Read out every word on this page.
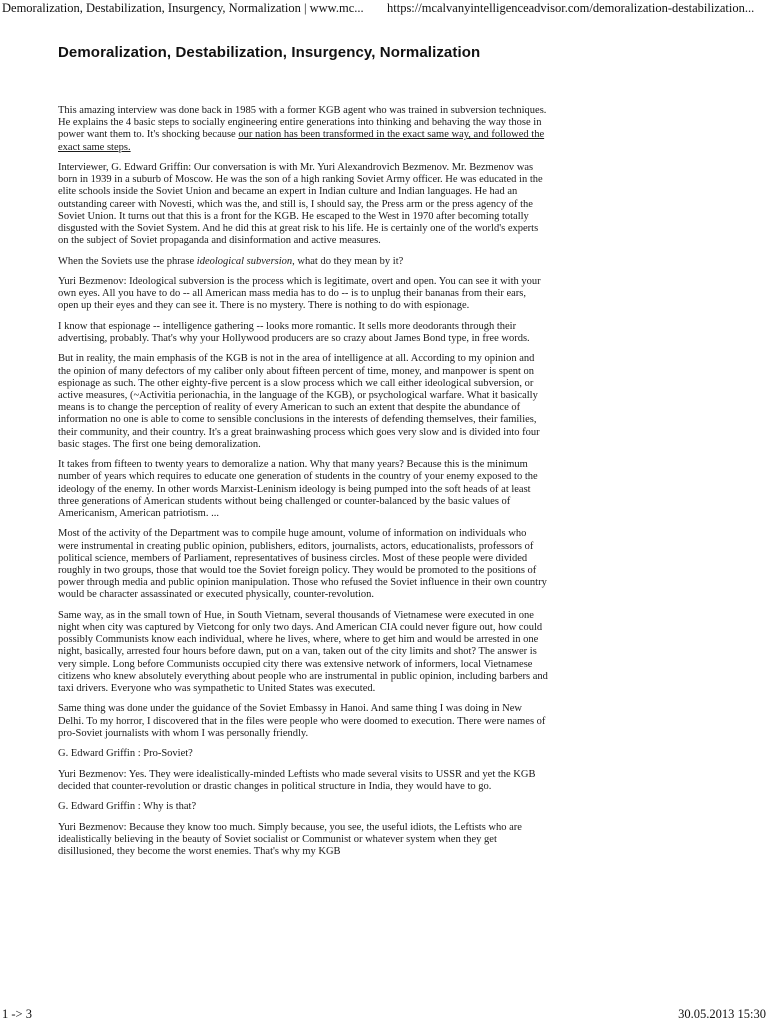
Demoralization, Destabilization, Insurgency, Normalization | www.mc... https://mcalvanyintelligenceadvisor.com/demoralization-destabilization...
Demoralization, Destabilization, Insurgency, Normalization

This amazing interview was done back in 1985 with a former KGB agent who was trained in subversion techniques. He explains the 4 basic steps to socially engineering entire generations into thinking and behaving the way those in power want them to. It's shocking because our nation has been transformed in the exact same way, and followed the exact same steps.

Interviewer, G. Edward Griffin: Our conversation is with Mr. Yuri Alexandrovich Bezmenov. Mr. Bezmenov was born in 1939 in a suburb of Moscow. He was the son of a high ranking Soviet Army officer. He was educated in the elite schools inside the Soviet Union and became an expert in Indian culture and Indian languages. He had an outstanding career with Novesti, which was the, and still is, I should say, the Press arm or the press agency of the Soviet Union. It turns out that this is a front for the KGB. He escaped to the West in 1970 after becoming totally disgusted with the Soviet System. And he did this at great risk to his life. He is certainly one of the world's experts on the subject of Soviet propaganda and disinformation and active measures.

When the Soviets use the phrase ideological subversion, what do they mean by it?

Yuri Bezmenov: Ideological subversion is the process which is legitimate, overt and open. You can see it with your own eyes. All you have to do -- all American mass media has to do -- is to unplug their bananas from their ears, open up their eyes and they can see it. There is no mystery. There is nothing to do with espionage.

I know that espionage -- intelligence gathering -- looks more romantic. It sells more deodorants through their advertising, probably. That's why your Hollywood producers are so crazy about James Bond type, in free words.

But in reality, the main emphasis of the KGB is not in the area of intelligence at all. According to my opinion and the opinion of many defectors of my caliber only about fifteen percent of time, money, and manpower is spent on espionage as such. The other eighty-five percent is a slow process which we call either ideological subversion, or active measures, (~Activitia perionachia, in the language of the KGB), or psychological warfare. What it basically means is to change the perception of reality of every American to such an extent that despite the abundance of information no one is able to come to sensible conclusions in the interests of defending themselves, their families, their community, and their country. It's a great brainwashing process which goes very slow and is divided into four basic stages. The first one being demoralization.

It takes from fifteen to twenty years to demoralize a nation. Why that many years? Because this is the minimum number of years which requires to educate one generation of students in the country of your enemy exposed to the ideology of the enemy. In other words Marxist-Leninism ideology is being pumped into the soft heads of at least three generations of American students without being challenged or counter-balanced by the basic values of Americanism, American patriotism. ...

Most of the activity of the Department was to compile huge amount, volume of information on individuals who were instrumental in creating public opinion, publishers, editors, journalists, actors, educationalists, professors of political science, members of Parliament, representatives of business circles. Most of these people were divided roughly in two groups, those that would toe the Soviet foreign policy. They would be promoted to the positions of power through media and public opinion manipulation. Those who refused the Soviet influence in their own country would be character assassinated or executed physically, counter-revolution.

Same way, as in the small town of Hue, in South Vietnam, several thousands of Vietnamese were executed in one night when city was captured by Vietcong for only two days. And American CIA could never figure out, how could possibly Communists know each individual, where he lives, where, where to get him and would be arrested in one night, basically, arrested four hours before dawn, put on a van, taken out of the city limits and shot? The answer is very simple. Long before Communists occupied city there was extensive network of informers, local Vietnamese citizens who knew absolutely everything about people who are instrumental in public opinion, including barbers and taxi drivers. Everyone who was sympathetic to United States was executed.

Same thing was done under the guidance of the Soviet Embassy in Hanoi. And same thing I was doing in New Delhi. To my horror, I discovered that in the files were people who were doomed to execution. There were names of pro-Soviet journalists with whom I was personally friendly.

G. Edward Griffin : Pro-Soviet?

Yuri Bezmenov: Yes. They were idealistically-minded Leftists who made several visits to USSR and yet the KGB decided that counter-revolution or drastic changes in political structure in India, they would have to go.

G. Edward Griffin : Why is that?

Yuri Bezmenov: Because they know too much. Simply because, you see, the useful idiots, the Leftists who are idealistically believing in the beauty of Soviet socialist or Communist or whatever system when they get disillusioned, they become the worst enemies. That's why my KGB

1 -> 3	30.05.2013 15:30
